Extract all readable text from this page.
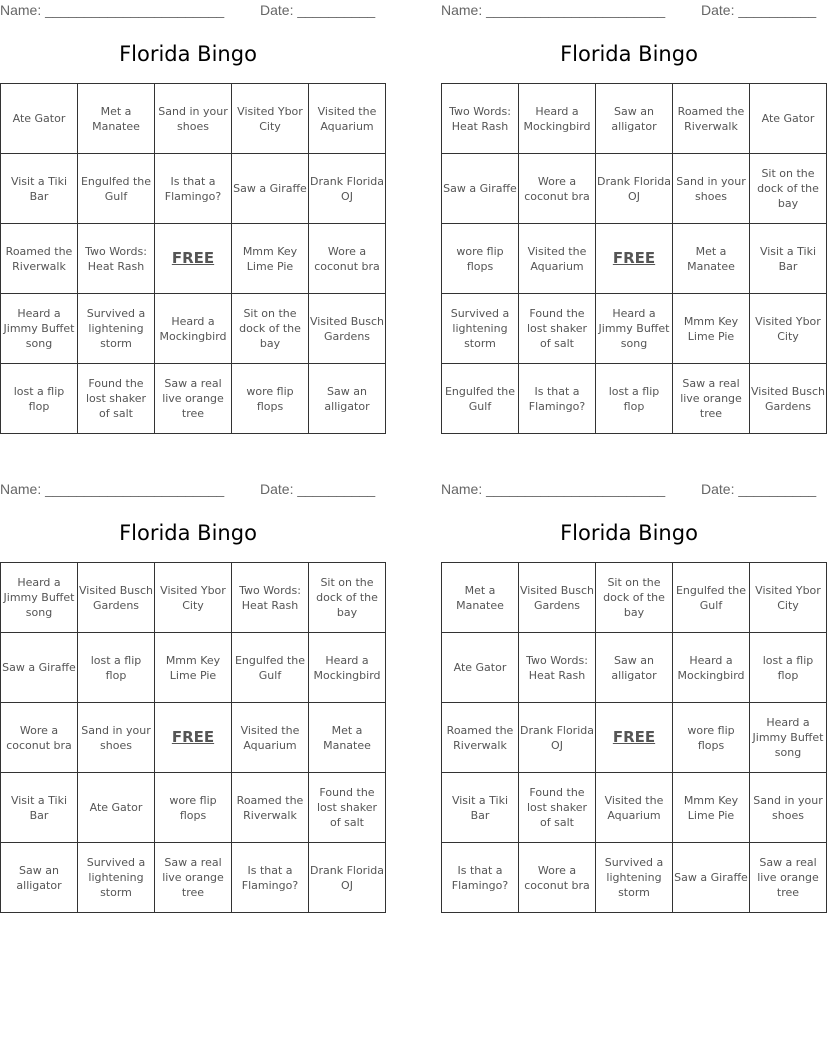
Name: _______________________	Date: __________
Florida Bingo
Ate Gator	Met a Manatee	Sand in your shoes	Visited Ybor City	Visited the Aquarium
Visit a Tiki Bar	Engulfed the Gulf	Is that a Flamingo?	Saw a Giraffe	Drank Florida OJ
Roamed the Riverwalk	Two Words: Heat Rash	FREE	Mmm Key Lime Pie	Wore a coconut bra
Heard a Jimmy Buffet song	Survived a lightening storm	Heard a Mockingbird	Sit on the dock of the bay	Visited Busch Gardens
lost a flip flop	Found the lost shaker of salt	Saw a real live orange tree	wore flip flops	Saw an alligator
Name: _______________________	Date: __________
Florida Bingo
Two Words: Heat Rash	Heard a Mockingbird	Saw an alligator	Roamed the Riverwalk	Ate Gator
Saw a Giraffe	Wore a coconut bra	Drank Florida OJ	Sand in your shoes	Sit on the dock of the bay
wore flip flops	Visited the Aquarium	FREE	Met a Manatee	Visit a Tiki Bar
Survived a lightening storm	Found the lost shaker of salt	Heard a Jimmy Buffet song	Mmm Key Lime Pie	Visited Ybor City
Engulfed the Gulf	Is that a Flamingo?	lost a flip flop	Saw a real live orange tree	Visited Busch Gardens
Name: _______________________	Date: __________
Florida Bingo
Heard a Jimmy Buffet song	Visited Busch Gardens	Visited Ybor City	Two Words: Heat Rash	Sit on the dock of the bay
Saw a Giraffe	lost a flip flop	Mmm Key Lime Pie	Engulfed the Gulf	Heard a Mockingbird
Wore a coconut bra	Sand in your shoes	FREE	Visited the Aquarium	Met a Manatee
Visit a Tiki Bar	Ate Gator	wore flip flops	Roamed the Riverwalk	Found the lost shaker of salt
Saw an alligator	Survived a lightening storm	Saw a real live orange tree	Is that a Flamingo?	Drank Florida OJ
Name: _______________________	Date: __________
Florida Bingo
Met a Manatee	Visited Busch Gardens	Sit on the dock of the bay	Engulfed the Gulf	Visited Ybor City
Ate Gator	Two Words: Heat Rash	Saw an alligator	Heard a Mockingbird	lost a flip flop
Roamed the Riverwalk	Drank Florida OJ	FREE	wore flip flops	Heard a Jimmy Buffet song
Visit a Tiki Bar	Found the lost shaker of salt	Visited the Aquarium	Mmm Key Lime Pie	Sand in your shoes
Is that a Flamingo?	Wore a coconut bra	Survived a lightening storm	Saw a Giraffe	Saw a real live orange tree
